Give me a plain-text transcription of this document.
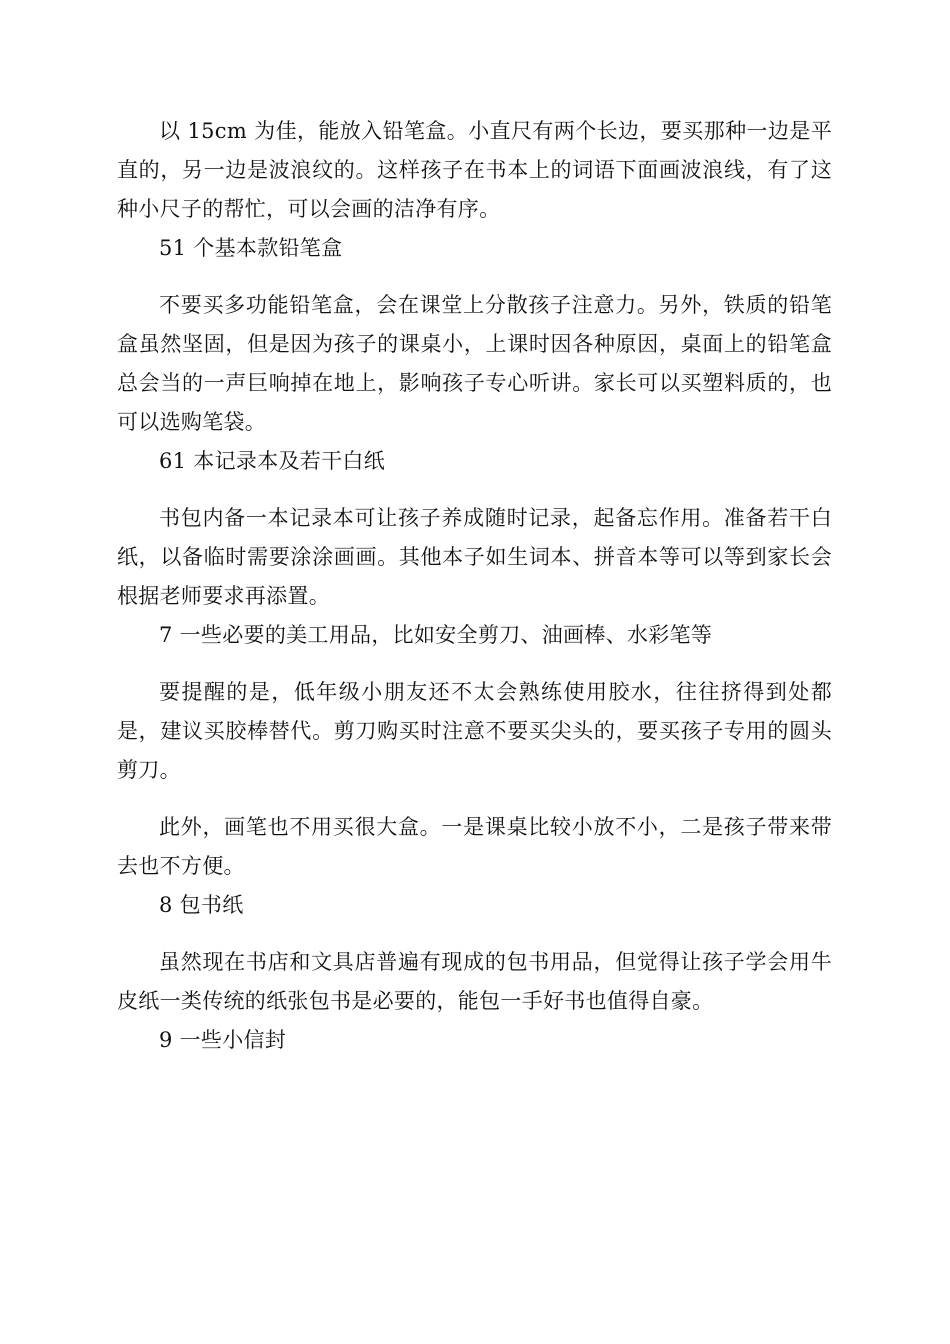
以 15cm 为佳，能放入铅笔盒。小直尺有两个长边，要买那种一边是平直的，另一边是波浪纹的。这样孩子在书本上的词语下面画波浪线，有了这种小尺子的帮忙，可以会画的洁净有序。

51 个基本款铅笔盒

不要买多功能铅笔盒，会在课堂上分散孩子注意力。另外，铁质的铅笔盒虽然坚固，但是因为孩子的课桌小，上课时因各种原因，桌面上的铅笔盒总会当的一声巨响掉在地上，影响孩子专心听讲。家长可以买塑料质的，也可以选购笔袋。

61 本记录本及若干白纸

书包内备一本记录本可让孩子养成随时记录，起备忘作用。准备若干白纸，以备临时需要涂涂画画。其他本子如生词本、拼音本等可以等到家长会根据老师要求再添置。

7 一些必要的美工用品，比如安全剪刀、油画棒、水彩笔等

要提醒的是，低年级小朋友还不太会熟练使用胶水，往往挤得到处都是，建议买胶棒替代。剪刀购买时注意不要买尖头的，要买孩子专用的圆头剪刀。

此外，画笔也不用买很大盒。一是课桌比较小放不小，二是孩子带来带去也不方便。

8 包书纸

虽然现在书店和文具店普遍有现成的包书用品，但觉得让孩子学会用牛皮纸一类传统的纸张包书是必要的，能包一手好书也值得自豪。

9 一些小信封
